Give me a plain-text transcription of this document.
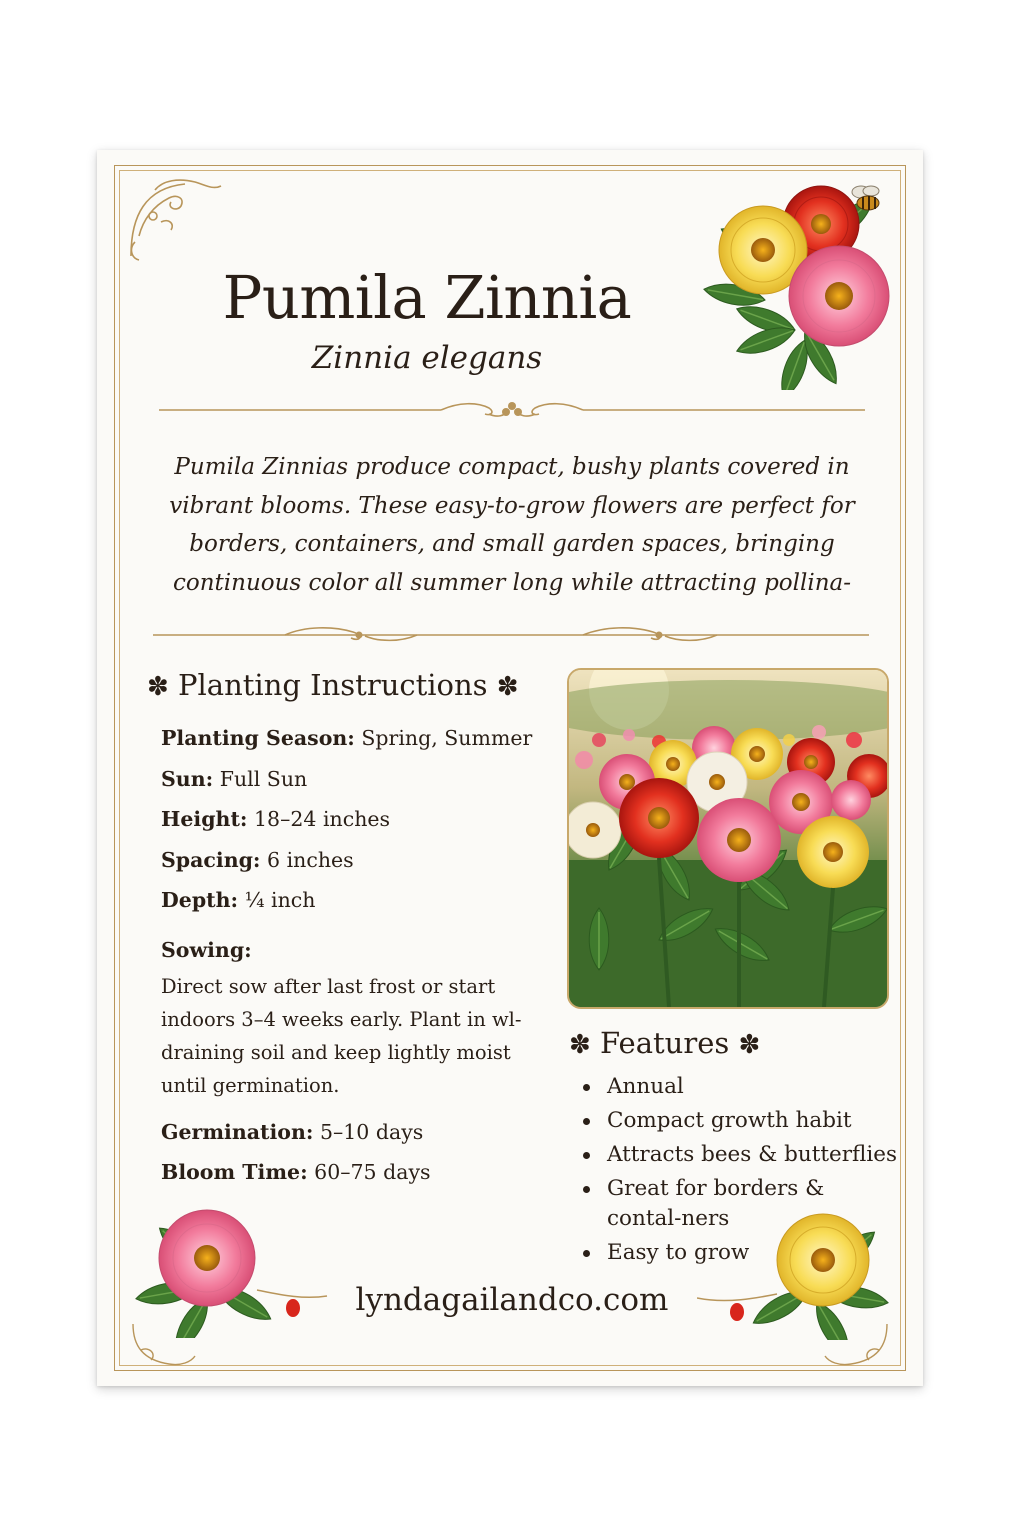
Pumila Zinnia
Zinnia elegans

Pumila Zinnias produce compact, bushy plants covered in vibrant blooms. These easy-to-grow flowers are perfect for borders, containers, and small garden spaces, bringing continuous color all summer long while attracting pollina-

✽ Planting Instructions ✽
Planting Season: Spring, Summer
Sun: Full Sun
Height: 18–24 inches
Spacing: 6 inches
Depth: ¼ inch
Sowing:

Direct sow after last frost or start indoors 3–4 weeks early. Plant in wl-draining soil and keep lightly moist until germination.

Germination: 5–10 days
Bloom Time: 60–75 days
✽ Features ✽
Annual
Compact growth habit
Attracts bees & butterflies
Great for borders & contal-ners
Easy to grow
lyndagailandco.com
